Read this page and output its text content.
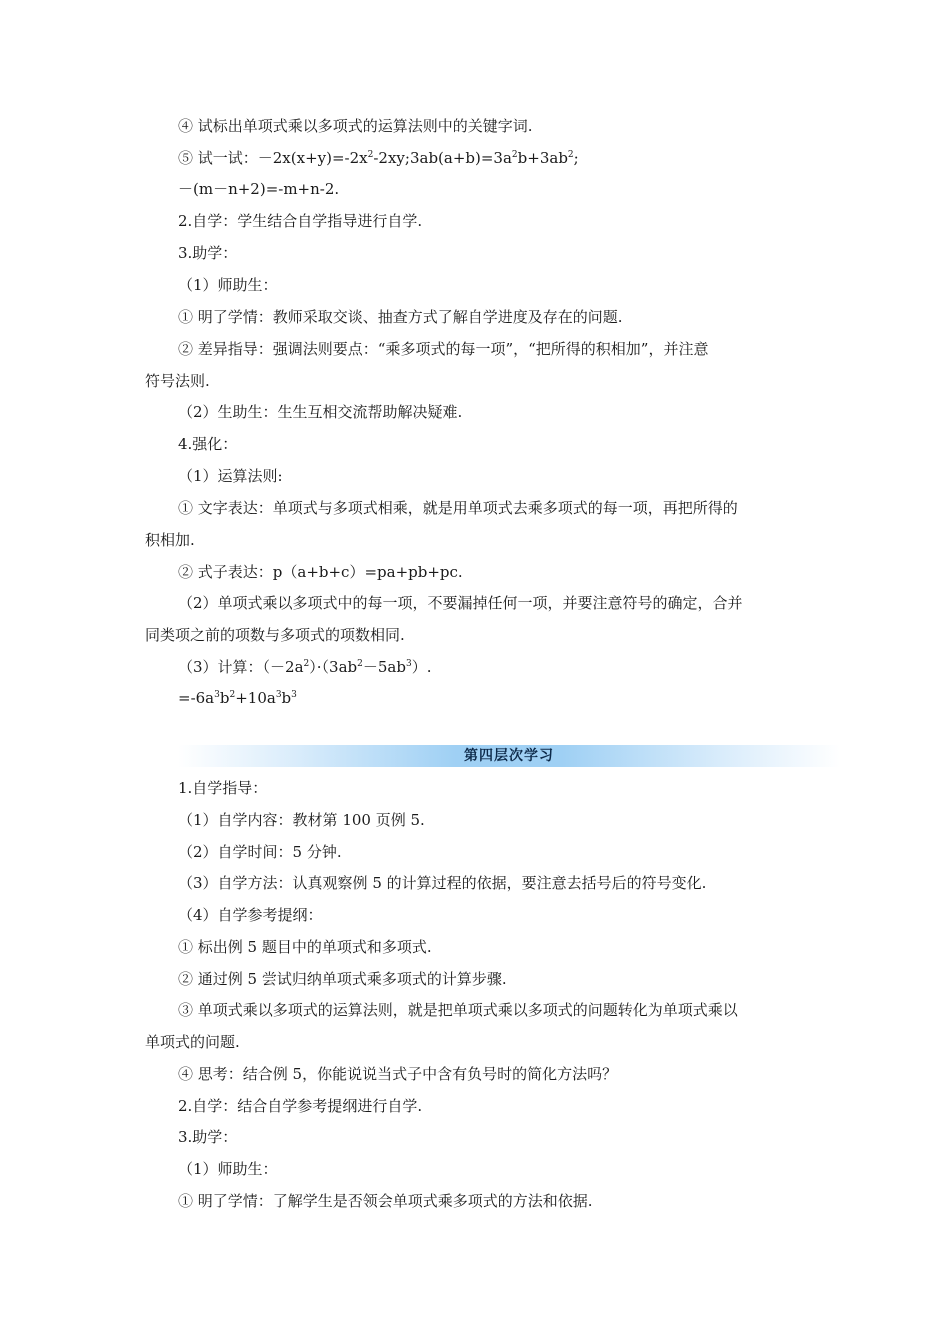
④ 试标出单项式乘以多项式的运算法则中的关键字词.
⑤ 试一试：$-2x(x+y)=-2x^2-2xy;3ab(a+b)=3a^2b+3ab^2$;
－(m－n+2)=-m+n-2.
2.自学：学生结合自学指导进行自学.
3.助学：
（1）师助生：
① 明了学情：教师采取交谈、抽查方式了解自学进度及存在的问题.
② 差异指导：强调法则要点：“乘多项式的每一项”，“把所得的积相加”，并注意
符号法则.
（2）生助生：生生互相交流帮助解决疑难.
4.强化：
（1）运算法则:
① 文字表达：单项式与多项式相乘，就是用单项式去乘多项式的每一项，再把所得的
积相加.
② 式子表达：p（a+b+c）=pa+pb+pc.
（2）单项式乘以多项式中的每一项，不要漏掉任何一项，并要注意符号的确定，合并
同类项之前的项数与多项式的项数相同.
（3）计算：$(-2a^2)\cdot(3ab^2-5ab^3)$.
$=-6a^3b^2+10a^3b^3$
第四层次学习
1.自学指导：
（1）自学内容：教材第 100 页例 5.
（2）自学时间：5 分钟.
（3）自学方法：认真观察例 5 的计算过程的依据，要注意去括号后的符号变化.
（4）自学参考提纲：
① 标出例 5 题目中的单项式和多项式.
② 通过例 5 尝试归纳单项式乘多项式的计算步骤.
③ 单项式乘以多项式的运算法则，就是把单项式乘以多项式的问题转化为单项式乘以
单项式的问题.
④ 思考：结合例 5，你能说说当式子中含有负号时的简化方法吗？
2.自学：结合自学参考提纲进行自学.
3.助学：
（1）师助生：
① 明了学情：了解学生是否领会单项式乘多项式的方法和依据.
